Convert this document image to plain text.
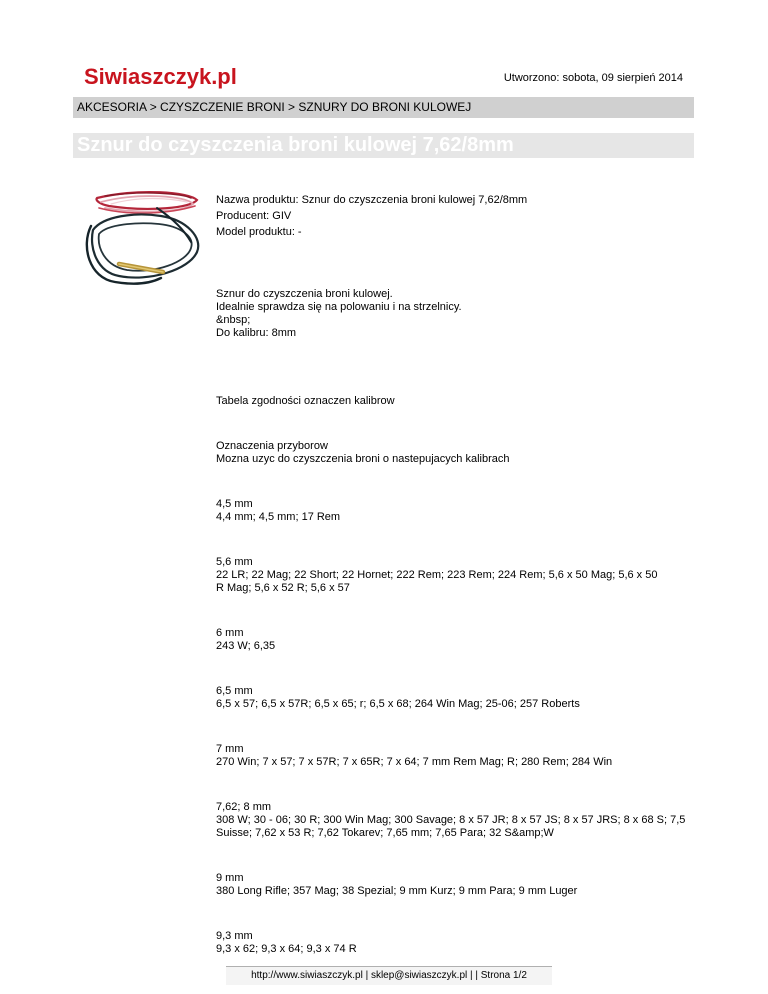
Siwiaszczyk.pl	Utworzono: sobota, 09 sierpień 2014
AKCESORIA > CZYSZCZENIE BRONI > SZNURY DO BRONI KULOWEJ
Sznur do czyszczenia broni kulowej 7,62/8mm

Nazwa produktu: Sznur do czyszczenia broni kulowej 7,62/8mm

Producent: GIV

Model produktu: -

Sznur do czyszczenia broni kulowej.

Idealnie sprawdza się na polowaniu i na strzelnicy.

&nbsp;

Do kalibru: 8mm

Tabela zgodności oznaczen kalibrow

Oznaczenia przyborow

Mozna uzyc do czyszczenia broni o nastepujacych kalibrach

4,5 mm

4,4 mm; 4,5 mm; 17 Rem

5,6 mm

22 LR; 22 Mag; 22 Short; 22 Hornet; 222 Rem; 223 Rem; 224 Rem; 5,6 x 50 Mag; 5,6 x 50 R Mag; 5,6 x 52 R; 5,6 x 57

6 mm

243 W; 6,35

6,5 mm

6,5 x 57; 6,5 x 57R; 6,5 x 65; r; 6,5 x 68; 264 Win Mag; 25-06; 257 Roberts

7 mm

270 Win; 7 x 57; 7 x 57R; 7 x 65R; 7 x 64; 7 mm Rem Mag; R; 280 Rem; 284 Win

7,62; 8 mm

308 W; 30 - 06; 30 R; 300 Win Mag; 300 Savage; 8 x 57 JR; 8 x 57 JS; 8 x 57 JRS; 8 x 68 S; 7,5 Suisse; 7,62 x 53 R; 7,62 Tokarev; 7,65 mm; 7,65 Para; 32 S&amp;W

9 mm

380 Long Rifle; 357 Mag; 38 Spezial; 9 mm Kurz; 9 mm Para; 9 mm Luger

9,3 mm

9,3 x 62; 9,3 x 64; 9,3 x 74 R

http://www.siwiaszczyk.pl | sklep@siwiaszczyk.pl | | Strona 1/2
